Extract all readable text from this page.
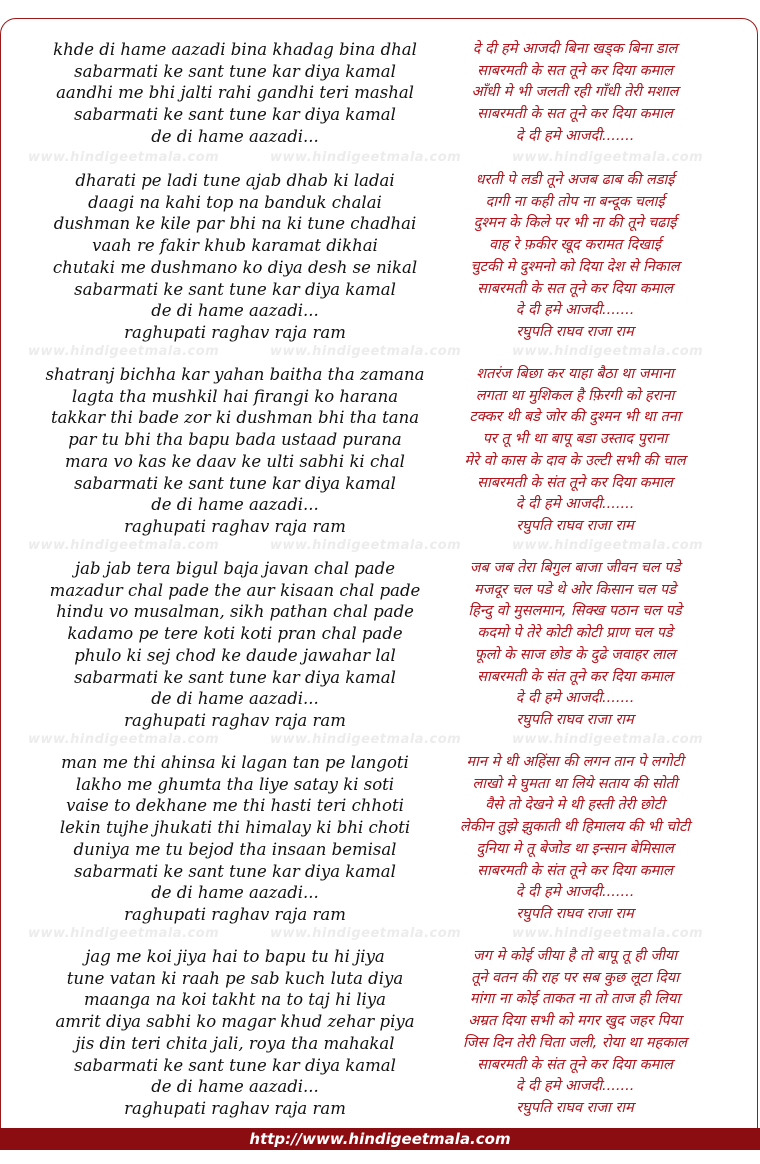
khde di hame aazadi bina khadag bina dhal	दे दी हमे आजदी बिना खड्क बिना डाल
sabarmati ke sant tune kar diya kamal	साबरमती के सत तूने कर दिया कमाल
aandhi me bhi jalti rahi gandhi teri mashal	आँधी मे भी जलती रही गाँधी तेरी मशाल
sabarmati ke sant tune kar diya kamal	साबरमती के सत तूने कर दिया कमाल
de di hame aazadi...	दे दी हमे आजदी.......
dharati pe ladi tune ajab dhab ki ladai	धरती पे लडी तूने अजब ढाब की लडाई
daagi na kahi top na banduk chalai	दागी ना कही तोप ना बन्दूक चलाई
dushman ke kile par bhi na ki tune chadhai	दुश्मन के किले पर भी ना की तूने चढाई
vaah re fakir khub karamat dikhai	वाह रे फ़कीर खूद करामत दिखाई
chutaki me dushmano ko diya desh se nikal	चुटकी मे दुश्मनो को दिया देश से निकाल
sabarmati ke sant tune kar diya kamal	साबरमती के सत तूने कर दिया कमाल
de di hame aazadi...	दे दी हमे आजदी.......
raghupati raghav raja ram	रघुपति राघव राजा राम
shatranj bichha kar yahan baitha tha zamana	शतरंज बिछा कर याहा बैठा था जमाना
lagta tha mushkil hai firangi ko harana	लगता था मुशिकल है फ़िरगी को हराना
takkar thi bade zor ki dushman bhi tha tana	टक्कर थी बडे जोर की दुश्मन भी था तना
par tu bhi tha bapu bada ustaad purana	पर तू भी था बापू बडा उस्ताद पुराना
mara vo kas ke daav ke ulti sabhi ki chal	मेरे वो कास के दाव के उल्टी सभी की चाल
sabarmati ke sant tune kar diya kamal	साबरमती के संत तूने कर दिया कमाल
de di hame aazadi...	दे दी हमे आजदी.......
raghupati raghav raja ram	रघुपति राघव राजा राम
jab jab tera bigul baja javan chal pade	जब जब तेरा बिगुल बाजा जीवन चल पडे
mazadur chal pade the aur kisaan chal pade	मजदूर चल पडे थे ओर किसान चल पडे
hindu vo musalman, sikh pathan chal pade	हिन्दु वो मुसलमान, सिक्ख पठान चल पडे
kadamo pe tere koti koti pran chal pade	कदमो पे तेरे कोटी कोटी प्राण चल पडे
phulo ki sej chod ke daude jawahar lal	फूलो के साज छोड के दुढे जवाहर लाल
sabarmati ke sant tune kar diya kamal	साबरमती के संत तूने कर दिया कमाल
de di hame aazadi...	दे दी हमे आजदी.......
raghupati raghav raja ram	रघुपति राघव राजा राम
man me thi ahinsa ki lagan tan pe langoti	मान मे थी अहिंसा की लगन तान पे लगोटी
lakho me ghumta tha liye satay ki soti	लाखो मे घुमता था लिये सताय की सोती
vaise to dekhane me thi hasti teri chhoti	वैसे तो देखने मे थी हस्ती तेरी छोटी
lekin tujhe jhukati thi himalay ki bhi choti	लेकीन तुझे झुकाती थी हिमालय की भी चोटी
duniya me tu bejod tha insaan bemisal	दुनिया मे तू बेजोड था इन्सान बेमिसाल
sabarmati ke sant tune kar diya kamal	साबरमती के संत तूने कर दिया कमाल
de di hame aazadi...	दे दी हमे आजदी.......
raghupati raghav raja ram	रघुपति राघव राजा राम
jag me koi jiya hai to bapu tu hi jiya	जग मे कोई जीया है तो बापू तू ही जीया
tune vatan ki raah pe sab kuch luta diya	तूने वतन की राह पर सब कुछ लूटा दिया
maanga na koi takht na to taj hi liya	मांगा ना कोई ताकत ना तो ताज ही लिया
amrit diya sabhi ko magar khud zehar piya	अम्रत दिया सभी को मगर खुद जहर पिया
jis din teri chita jali, roya tha mahakal	जिस दिन तेरी चिता जली, रोया था महकाल
sabarmati ke sant tune kar diya kamal	साबरमती के संत तूने कर दिया कमाल
de di hame aazadi...	दे दी हमे आजदी.......
raghupati raghav raja ram	रघुपति राघव राजा राम
www.hindigeetmala.com	www.hindigeetmala.com	www.hindigeetmala.com
www.hindigeetmala.com	www.hindigeetmala.com	www.hindigeetmala.com
www.hindigeetmala.com	www.hindigeetmala.com	www.hindigeetmala.com
www.hindigeetmala.com	www.hindigeetmala.com	www.hindigeetmala.com
www.hindigeetmala.com	www.hindigeetmala.com	www.hindigeetmala.com
http://www.hindigeetmala.com
